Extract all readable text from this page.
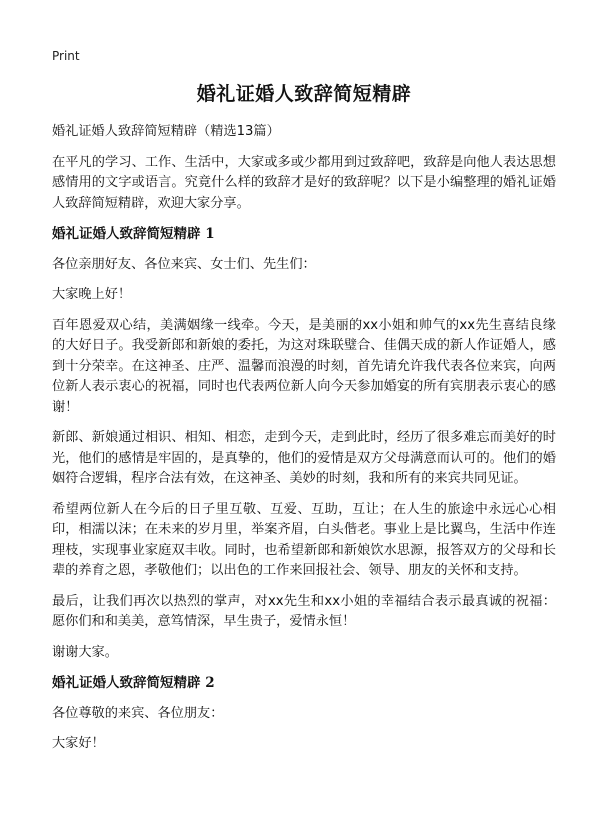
Print
婚礼证婚人致辞简短精辟

婚礼证婚人致辞简短精辟（精选13篇）

在平凡的学习、工作、生活中，大家或多或少都用到过致辞吧，致辞是向他人表达思想感情用的文字或语言。究竟什么样的致辞才是好的致辞呢？以下是小编整理的婚礼证婚人致辞简短精辟，欢迎大家分享。

婚礼证婚人致辞简短精辟 1

各位亲朋好友、各位来宾、女士们、先生们：

大家晚上好！

百年恩爱双心结，美满姻缘一线牵。今天，是美丽的xx小姐和帅气的xx先生喜结良缘的大好日子。我受新郎和新娘的委托，为这对珠联璧合、佳偶天成的新人作证婚人，感到十分荣幸。在这神圣、庄严、温馨而浪漫的时刻，首先请允许我代表各位来宾，向两位新人表示衷心的祝福，同时也代表两位新人向今天参加婚宴的所有宾朋表示衷心的感谢！

新郎、新娘通过相识、相知、相恋，走到今天，走到此时，经历了很多难忘而美好的时光，他们的感情是牢固的，是真挚的，他们的爱情是双方父母满意而认可的。他们的婚姻符合逻辑，程序合法有效，在这神圣、美妙的时刻，我和所有的来宾共同见证。

希望两位新人在今后的日子里互敬、互爱、互助，互让；在人生的旅途中永远心心相印，相濡以沫；在未来的岁月里，举案齐眉，白头偕老。事业上是比翼鸟，生活中作连理枝，实现事业家庭双丰收。同时，也希望新郎和新娘饮水思源，报答双方的父母和长辈的养育之恩，孝敬他们；以出色的工作来回报社会、领导、朋友的关怀和支持。

最后，让我们再次以热烈的掌声，对xx先生和xx小姐的幸福结合表示最真诚的祝福：愿你们和和美美，意笃情深，早生贵子，爱情永恒！

谢谢大家。

婚礼证婚人致辞简短精辟 2

各位尊敬的来宾、各位朋友：

大家好！
